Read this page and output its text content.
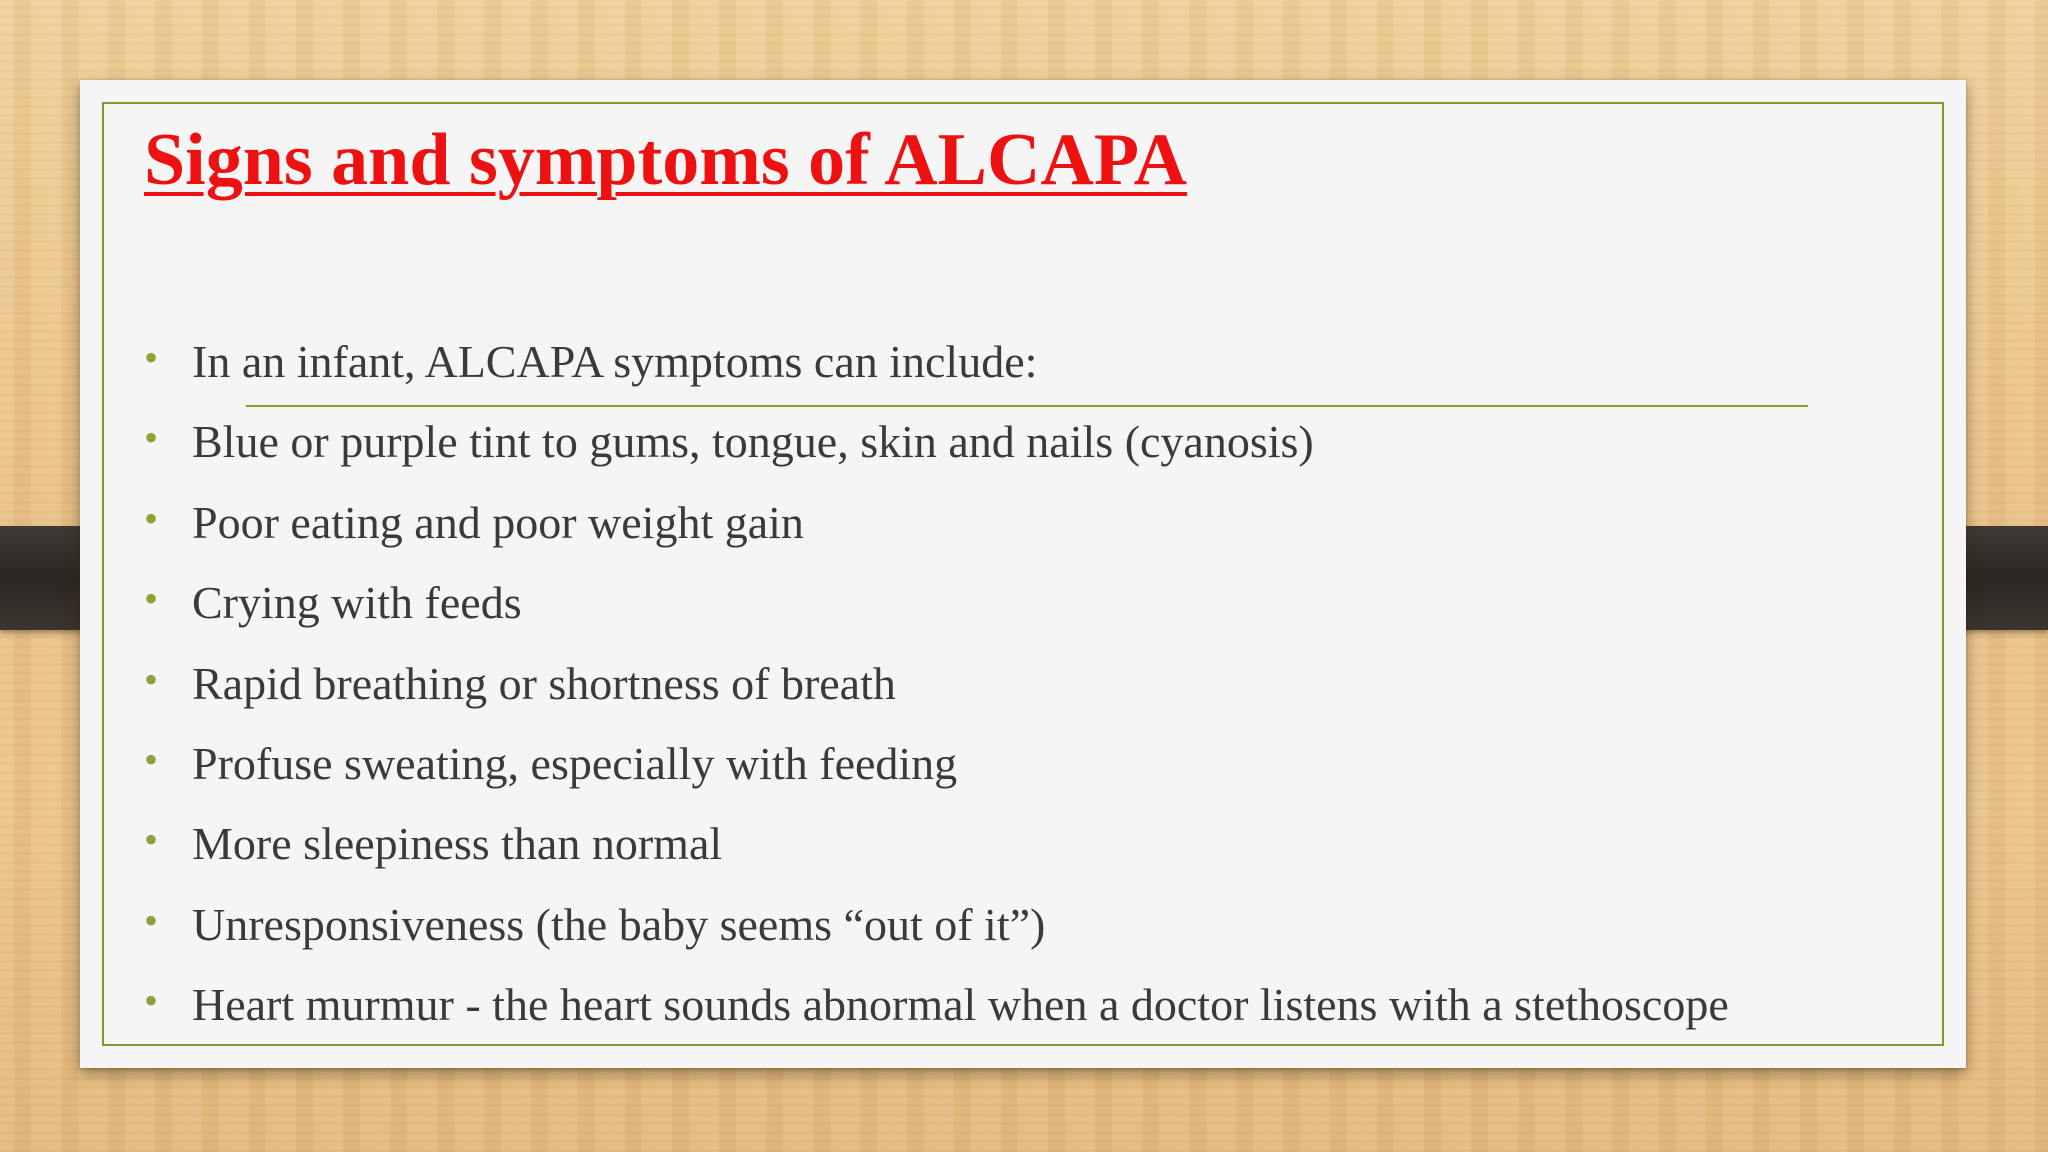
Signs and symptoms of ALCAPA
• In an infant, ALCAPA symptoms can include:
• Blue or purple tint to gums, tongue, skin and nails (cyanosis)
• Poor eating and poor weight gain
• Crying with feeds
• Rapid breathing or shortness of breath
• Profuse sweating, especially with feeding
• More sleepiness than normal
• Unresponsiveness (the baby seems “out of it”)
• Heart murmur - the heart sounds abnormal when a doctor listens with a stethoscope
